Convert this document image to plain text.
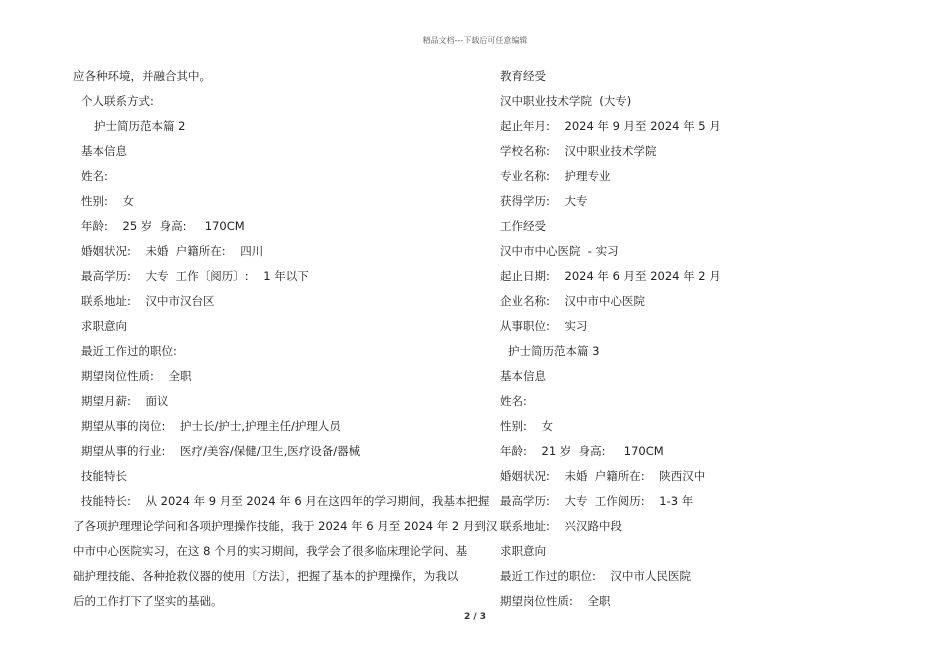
精品文档---下载后可任意编辑
应各种环境，并融合其中。
个人联系方式:
护士简历范本篇 2
基本信息
姓名:
性别:    女
年龄:    25 岁  身高:     170CM
婚姻状况:    未婚  户籍所在:    四川
最高学历:    大专  工作〔阅历〕:    1 年以下
联系地址:    汉中市汉台区
求职意向
最近工作过的职位:
期望岗位性质:    全职
期望月薪:    面议
期望从事的岗位:    护士长/护士,护理主任/护理人员
期望从事的行业:    医疗/美容/保健/卫生,医疗设备/器械
技能特长
技能特长:    从 2024 年 9 月至 2024 年 6 月在这四年的学习期间，我基本把握
了各项护理理论学问和各项护理操作技能，我于 2024 年 6 月至 2024 年 2 月到汉
中市中心医院实习，在这 8 个月的实习期间，我学会了很多临床理论学问、基
础护理技能、各种抢救仪器的使用〔方法〕，把握了基本的护理操作，为我以
后的工作打下了坚实的基础。
教育经受
汉中职业技术学院  (大专)
起止年月:    2024 年 9 月至 2024 年 5 月
学校名称:    汉中职业技术学院
专业名称:    护理专业
获得学历:    大专
工作经受
汉中市中心医院  - 实习
起止日期:    2024 年 6 月至 2024 年 2 月
企业名称:    汉中市中心医院
从事职位:    实习
护士简历范本篇 3
基本信息
姓名:
性别:    女
年龄:    21 岁  身高:     170CM
婚姻状况:    未婚  户籍所在:    陕西汉中
最高学历:    大专  工作阅历:    1-3 年
联系地址:    兴汉路中段
求职意向
最近工作过的职位:    汉中市人民医院
期望岗位性质:    全职
2 / 3
